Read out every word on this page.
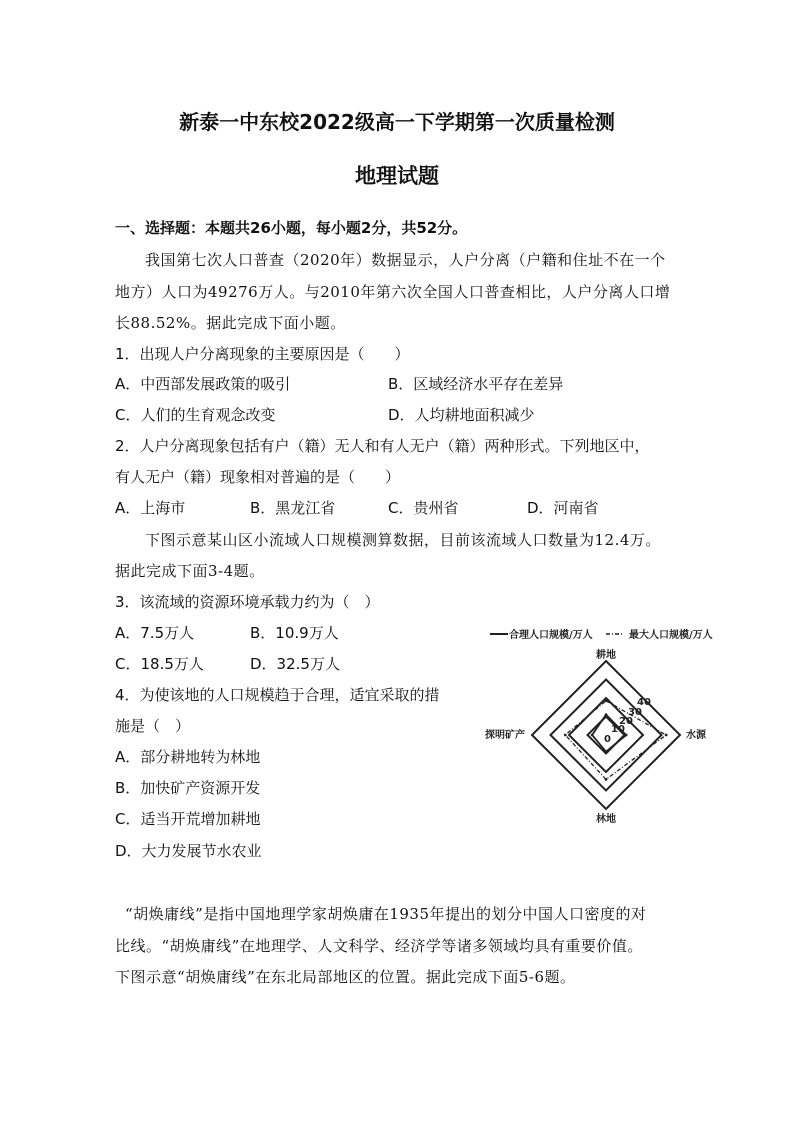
新泰一中东校2022级高一下学期第一次质量检测
地理试题
一、选择题：本题共26小题，每小题2分，共52分。
我国第七次人口普查（2020年）数据显示，人户分离（户籍和住址不在一个
地方）人口为49276万人。与2010年第六次全国人口普查相比，人户分离人口增
长88.52%。据此完成下面小题。
1．出现人户分离现象的主要原因是（　　）
A．中西部发展政策的吸引	B．区域经济水平存在差异
C．人们的生育观念改变	D．人均耕地面积减少
2．人户分离现象包括有户（籍）无人和有人无户（籍）两种形式。下列地区中，
有人无户（籍）现象相对普遍的是（　　）
A．上海市	B．黑龙江省	C．贵州省	D．河南省
下图示意某山区小流域人口规模测算数据，目前该流域人口数量为12.4万。
据此完成下面3-4题。
3．该流域的资源环境承载力约为（　）
A．7.5万人	B．10.9万人
C．18.5万人	D．32.5万人
4．为使该地的人口规模趋于合理，适宜采取的措
施是（　）
A．部分耕地转为林地
B．加快矿产资源开发
C．适当开荒增加耕地
D．大力发展节水农业
合理人口规模/万人	最大人口规模/万人
耕地
水源
林地
探明矿产
40
30
20
10
0
“胡焕庸线”是指中国地理学家胡焕庸在1935年提出的划分中国人口密度的对
比线。“胡焕庸线”在地理学、人文科学、经济学等诸多领域均具有重要价值。
下图示意“胡焕庸线”在东北局部地区的位置。据此完成下面5-6题。
